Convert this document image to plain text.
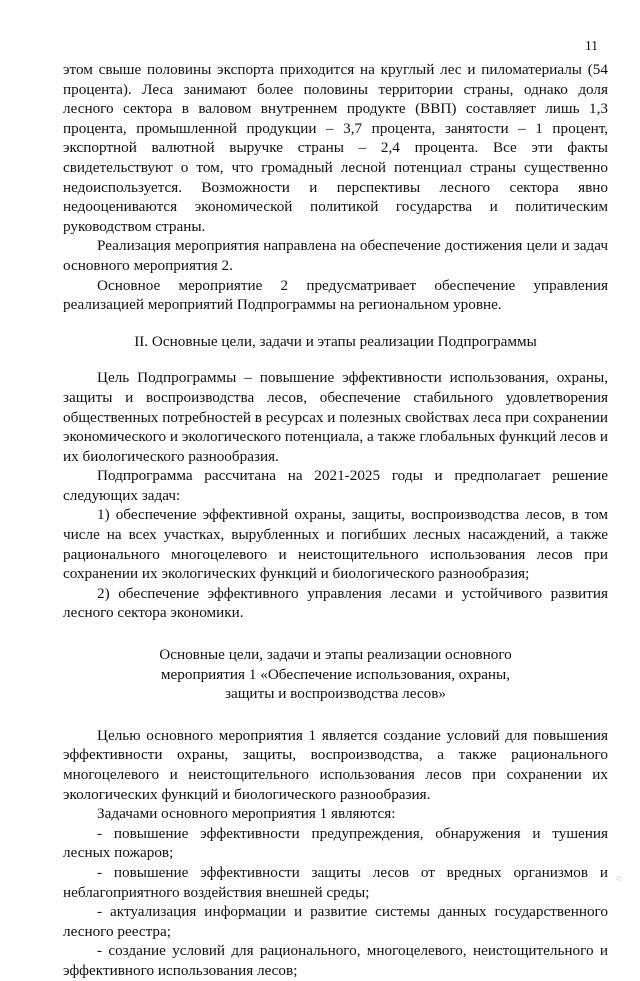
11

этом свыше половины экспорта приходится на круглый лес и пиломатериалы (54 процента). Леса занимают более половины территории страны, однако доля лесного сектора в валовом внутреннем продукте (ВВП) составляет лишь 1,3 процента, промышленной продукции – 3,7 процента, занятости – 1 процент, экспортной валютной выручке страны – 2,4 процента. Все эти факты свидетельствуют о том, что громадный лесной потенциал страны существенно недоиспользуется. Возможности и перспективы лесного сектора явно недооцениваются экономической политикой государства и политическим руководством страны.

Реализация мероприятия направлена на обеспечение достижения цели и задач основного мероприятия 2.

Основное мероприятие 2 предусматривает обеспечение управления реализацией мероприятий Подпрограммы на региональном уровне.

II. Основные цели, задачи и этапы реализации Подпрограммы

Цель Подпрограммы – повышение эффективности использования, охраны, защиты и воспроизводства лесов, обеспечение стабильного удовлетворения общественных потребностей в ресурсах и полезных свойствах леса при сохранении экономического и экологического потенциала, а также глобальных функций лесов и их биологического разнообразия.

Подпрограмма рассчитана на 2021-2025 годы и предполагает решение следующих задач:

1) обеспечение эффективной охраны, защиты, воспроизводства лесов, в том числе на всех участках, вырубленных и погибших лесных насаждений, а также рационального многоцелевого и неистощительного использования лесов при сохранении их экологических функций и биологического разнообразия;

2) обеспечение эффективного управления лесами и устойчивого развития лесного сектора экономики.

Основные цели, задачи и этапы реализации основного
мероприятия 1 «Обеспечение использования, охраны,
защиты и воспроизводства лесов»

Целью основного мероприятия 1 является создание условий для повышения эффективности охраны, защиты, воспроизводства, а также рационального многоцелевого и неистощительного использования лесов при сохранении их экологических функций и биологического разнообразия.

Задачами основного мероприятия 1 являются:

- повышение эффективности предупреждения, обнаружения и тушения лесных пожаров;

- повышение эффективности защиты лесов от вредных организмов и неблагоприятного воздействия внешней среды;

- актуализация информации и развитие системы данных государственного лесного реестра;

- создание условий для рационального, многоцелевого, неистощительного и эффективного использования лесов;

⁘
